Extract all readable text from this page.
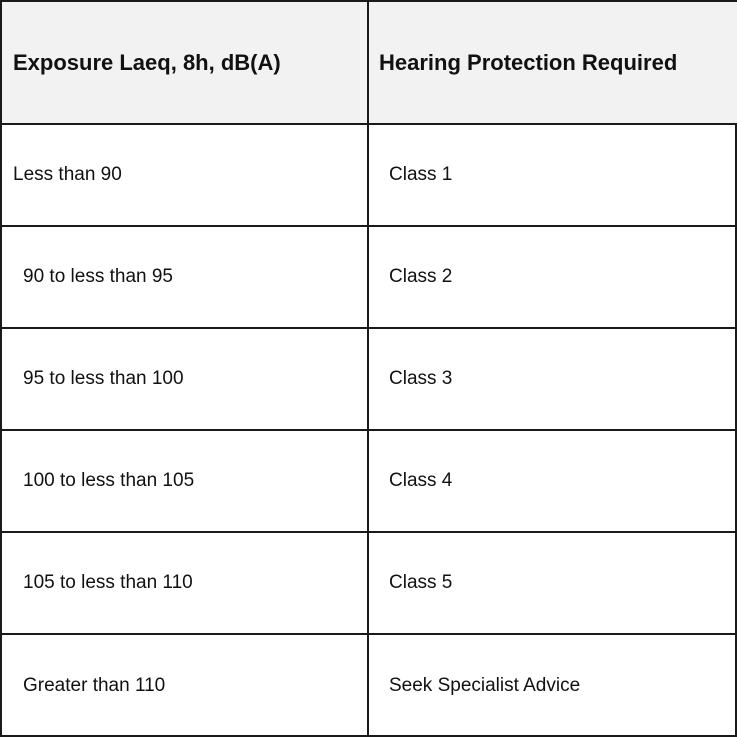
Exposure Laeq, 8h, dB(A)	Hearing Protection Required
Less than 90	Class 1
90 to less than 95	Class 2
95 to less than 100	Class 3
100 to less than 105	Class 4
105 to less than 110	Class 5
Greater than 110	Seek Specialist Advice
